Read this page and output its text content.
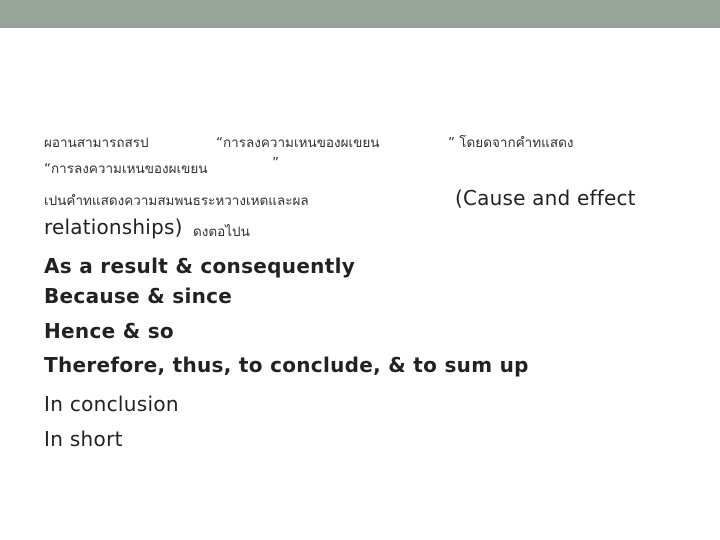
ผอานสามารถสรป	“การลงความเหนของผเขยน	” โดยดจากคำทแสดง
“การลงความเหนของผเขยน	”
เปนคำทแสดงความสมพนธระหวางเหตและผล	(Cause and effect
relationships) ดงตอไปน
As a result & consequently
Because & since
Hence & so
Therefore, thus, to conclude, & to sum up
In conclusion
In short
